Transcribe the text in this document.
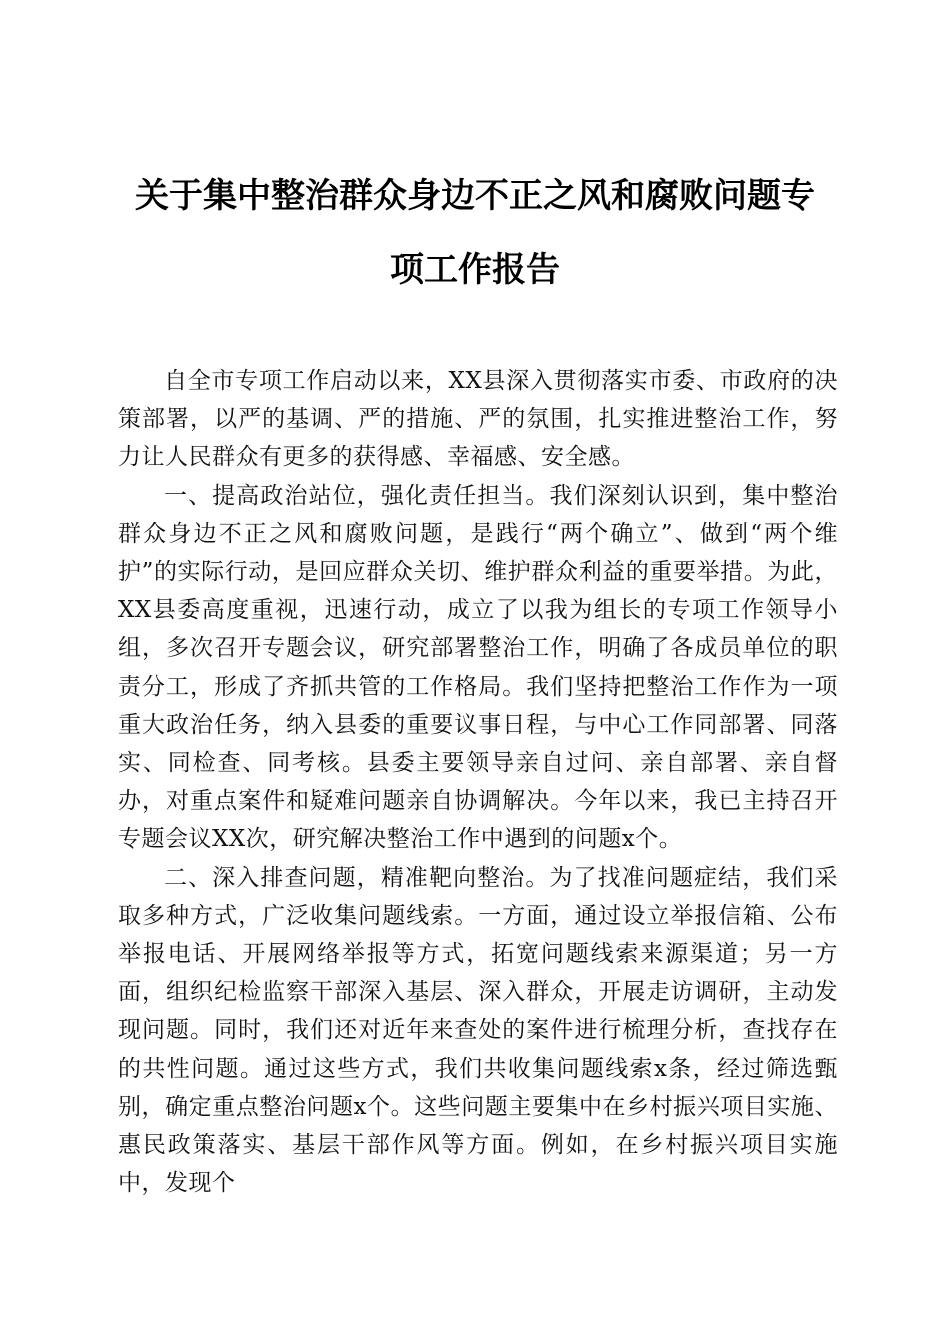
关于集中整治群众身边不正之风和腐败问题专
项工作报告

自全市专项工作启动以来，XX县深入贯彻落实市委、市政府的决策部署，以严的基调、严的措施、严的氛围，扎实推进整治工作，努力让人民群众有更多的获得感、幸福感、安全感。

一、提高政治站位，强化责任担当。我们深刻认识到，集中整治群众身边不正之风和腐败问题，是践行“两个确立”、做到“两个维护”的实际行动，是回应群众关切、维护群众利益的重要举措。为此，XX县委高度重视，迅速行动，成立了以我为组长的专项工作领导小组，多次召开专题会议，研究部署整治工作，明确了各成员单位的职责分工，形成了齐抓共管的工作格局。我们坚持把整治工作作为一项重大政治任务，纳入县委的重要议事日程，与中心工作同部署、同落实、同检查、同考核。县委主要领导亲自过问、亲自部署、亲自督办，对重点案件和疑难问题亲自协调解决。今年以来，我已主持召开专题会议XX次，研究解决整治工作中遇到的问题x个。

二、深入排查问题，精准靶向整治。为了找准问题症结，我们采取多种方式，广泛收集问题线索。一方面，通过设立举报信箱、公布举报电话、开展网络举报等方式，拓宽问题线索来源渠道；另一方面，组织纪检监察干部深入基层、深入群众，开展走访调研，主动发现问题。同时，我们还对近年来查处的案件进行梳理分析，查找存在的共性问题。通过这些方式，我们共收集问题线索x条，经过筛选甄别，确定重点整治问题x个。这些问题主要集中在乡村振兴项目实施、惠民政策落实、基层干部作风等方面。例如，在乡村振兴项目实施中，发现个
